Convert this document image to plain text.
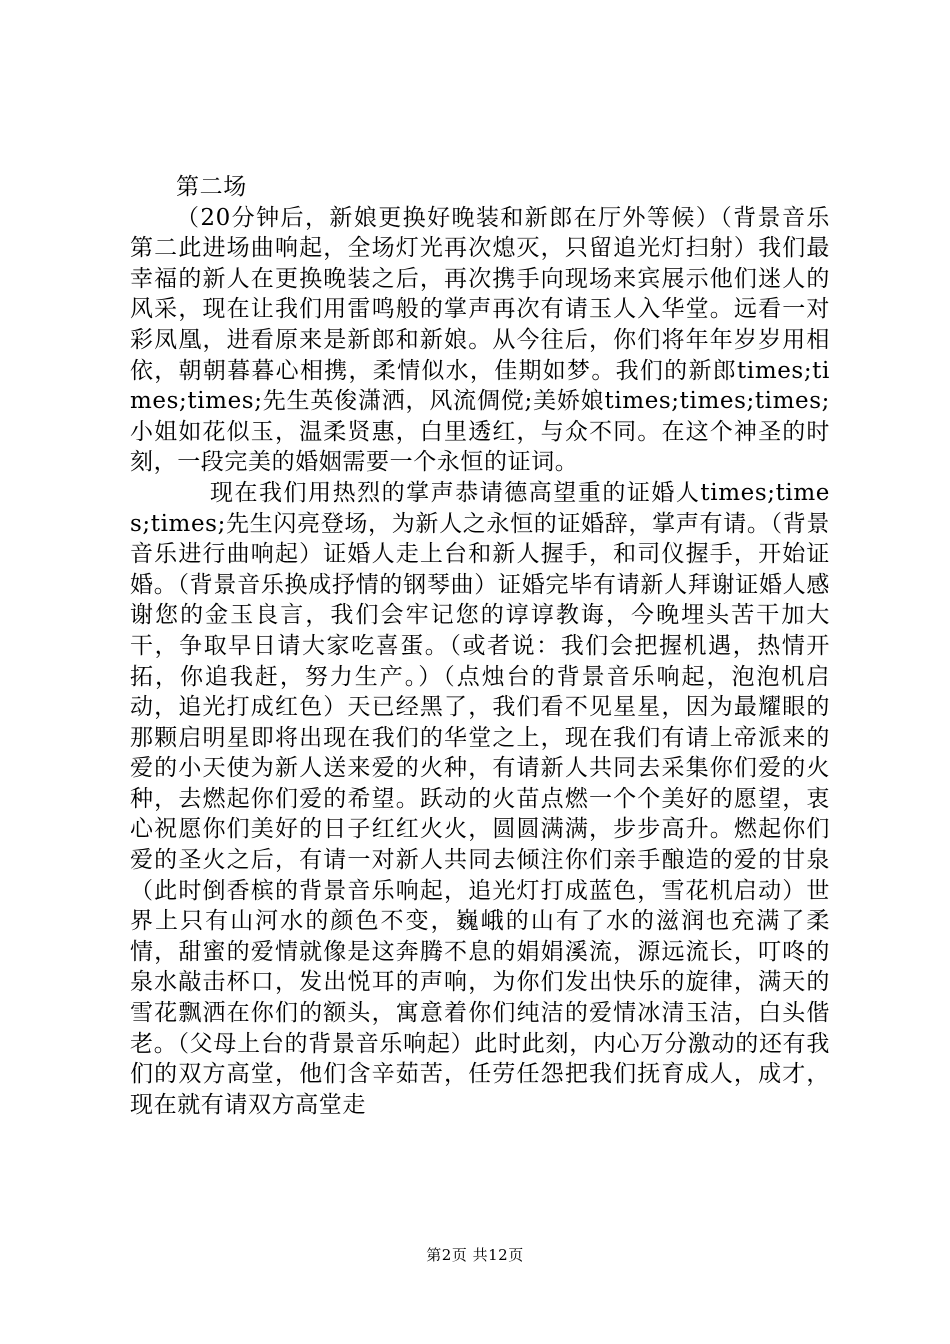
第二场

（20分钟后，新娘更换好晚装和新郎在厅外等候）（背景音乐第二此进场曲响起，全场灯光再次熄灭，只留追光灯扫射）我们最幸福的新人在更换晚装之后，再次携手向现场来宾展示他们迷人的风采，现在让我们用雷鸣般的掌声再次有请玉人入华堂。远看一对彩凤凰，进看原来是新郎和新娘。从今往后，你们将年年岁岁用相依，朝朝暮暮心相携，柔情似水，佳期如梦。我们的新郎times;times;times;先生英俊潇洒，风流倜傥;美娇娘times;times;times;小姐如花似玉，温柔贤惠，白里透红，与众不同。在这个神圣的时刻，一段完美的婚姻需要一个永恒的证词。

现在我们用热烈的掌声恭请德高望重的证婚人times;times;times;先生闪亮登场，为新人之永恒的证婚辞，掌声有请。（背景音乐进行曲响起）证婚人走上台和新人握手，和司仪握手，开始证婚。（背景音乐换成抒情的钢琴曲）证婚完毕有请新人拜谢证婚人感谢您的金玉良言，我们会牢记您的谆谆教诲，今晚埋头苦干加大干，争取早日请大家吃喜蛋。（或者说：我们会把握机遇，热情开拓，你追我赶，努力生产。）（点烛台的背景音乐响起，泡泡机启动，追光打成红色）天已经黑了，我们看不见星星，因为最耀眼的那颗启明星即将出现在我们的华堂之上，现在我们有请上帝派来的爱的小天使为新人送来爱的火种，有请新人共同去采集你们爱的火种，去燃起你们爱的希望。跃动的火苗点燃一个个美好的愿望，衷心祝愿你们美好的日子红红火火，圆圆满满，步步高升。燃起你们爱的圣火之后，有请一对新人共同去倾注你们亲手酿造的爱的甘泉（此时倒香槟的背景音乐响起，追光灯打成蓝色，雪花机启动）世界上只有山河水的颜色不变，巍峨的山有了水的滋润也充满了柔情，甜蜜的爱情就像是这奔腾不息的娟娟溪流，源远流长，叮咚的泉水敲击杯口，发出悦耳的声响，为你们发出快乐的旋律，满天的雪花飘洒在你们的额头，寓意着你们纯洁的爱情冰清玉洁，白头偕老。（父母上台的背景音乐响起）此时此刻，内心万分激动的还有我们的双方高堂，他们含辛茹苦，任劳任怨把我们抚育成人，成才，现在就有请双方高堂走

第2页 共12页
